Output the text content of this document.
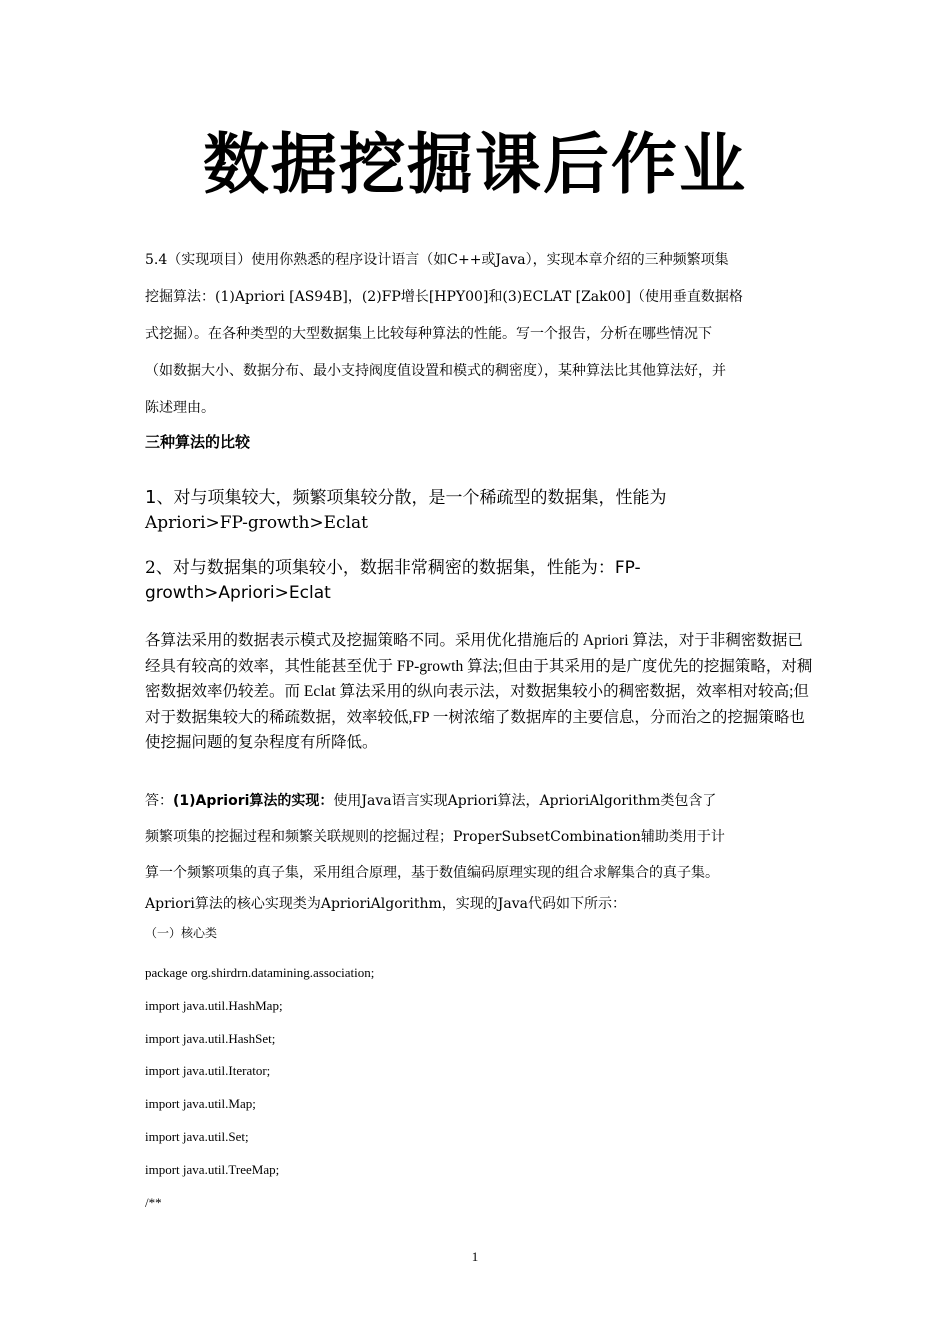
数据挖掘课后作业
5.4（实现项目）使用你熟悉的程序设计语言（如C++或Java），实现本章介绍的三种频繁项集
挖掘算法：(1)Apriori [AS94B]，(2)FP增长[HPY00]和(3)ECLAT [Zak00]（使用垂直数据格
式挖掘）。在各种类型的大型数据集上比较每种算法的性能。写一个报告，分析在哪些情况下
（如数据大小、数据分布、最小支持阀度值设置和模式的稠密度），某种算法比其他算法好，并
陈述理由。
三种算法的比较
1、对与项集较大，频繁项集较分散，是一个稀疏型的数据集，性能为
Apriori>FP-growth>Eclat
2、对与数据集的项集较小，数据非常稠密的数据集，性能为：FP-
growth>Apriori>Eclat
各算法采用的数据表示模式及挖掘策略不同。采用优化措施后的 Apriori 算法，对于非稠密数据已经具有较高的效率，其性能甚至优于 FP-growth 算法;但由于其采用的是广度优先的挖掘策略，对稠密数据效率仍较差。而 Eclat 算法采用的纵向表示法，对数据集较小的稠密数据，效率相对较高;但对于数据集较大的稀疏数据，效率较低,FP 一树浓缩了数据库的主要信息，分而治之的挖掘策略也使挖掘问题的复杂程度有所降低。
答：(1)Apriori算法的实现：使用Java语言实现Apriori算法，AprioriAlgorithm类包含了
频繁项集的挖掘过程和频繁关联规则的挖掘过程；ProperSubsetCombination辅助类用于计
算一个频繁项集的真子集，采用组合原理，基于数值编码原理实现的组合求解集合的真子集。
Apriori算法的核心实现类为AprioriAlgorithm，实现的Java代码如下所示：
（一）核心类
package org.shirdrn.datamining.association;
import java.util.HashMap;
import java.util.HashSet;
import java.util.Iterator;
import java.util.Map;
import java.util.Set;
import java.util.TreeMap;
/**
1
